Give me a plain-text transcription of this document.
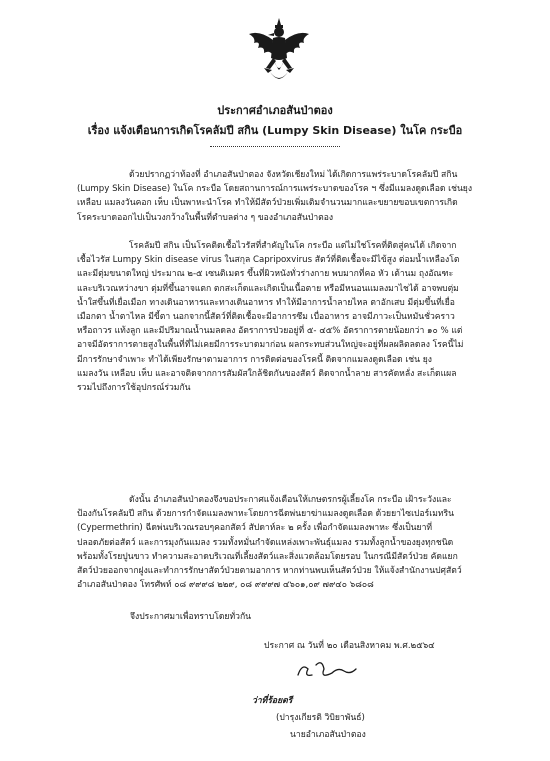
ประกาศอำเภอสันป่าตอง
เรื่อง แจ้งเตือนการเกิดโรคลัมปี สกิน (Lumpy Skin Disease) ในโค กระบือ

ด้วยปรากฏว่าท้องที่ อำเภอสันป่าตอง จังหวัดเชียงใหม่ ได้เกิดการแพร่ระบาดโรคลัมปี สกิน
(Lumpy Skin Disease) ในโค กระบือ โดยสถานการณ์การแพร่ระบาดของโรค ฯ ซึ่งมีแมลงดูดเลือด เช่นยุง
เหลือบ แมลงวันคอก เห็บ เป็นพาหะนำโรค ทำให้มีสัตว์ป่วยเพิ่มเติมจำนวนมากและขยายขอบเขตการเกิด
โรคระบาดออกไปเป็นวงกว้างในพื้นที่ตำบลต่าง ๆ ของอำเภอสันป่าตอง

โรคลัมปี สกิน เป็นโรคติดเชื้อไวรัสที่สำคัญในโค กระบือ แต่ไม่ใช่โรคที่ติดสู่คนได้ เกิดจาก
เชื้อไวรัส Lumpy Skin disease virus ในสกุล Capripoxvirus สัตว์ที่ติดเชื้อจะมีไข้สูง ต่อมน้ำเหลืองโต
และมีตุ่มขนาดใหญ่ ประมาณ ๒-๕ เซนติเมตร ขึ้นที่ผิวหนังทั่วร่างกาย พบมากที่คอ หัว เต้านม ถุงอัณฑะ
และบริเวณหว่างขา ตุ่มที่ขึ้นอาจแตก ตกสะเก็ดและเกิดเป็นเนื้อตาย หรือมีหนอนแมลงมาไชได้ อาจพบตุ่ม
น้ำใสขึ้นที่เยื่อเมือก ทางเดินอาหารและทางเดินอาหาร ทำให้มีอาการน้ำลายไหล ตาอักเสบ มีตุ่มขึ้นที่เยื่อ
เมือกตา น้ำตาไหล มีขี้ตา นอกจากนี้สัตว์ที่ติดเชื้อจะมีอาการซึม เบื่ออาหาร อาจมีภาวะเป็นหมันชั่วคราว
หรือถาวร แท้งลูก และมีปริมาณน้ำนมลดลง อัตราการป่วยอยู่ที่ ๕- ๔๕% อัตราการตายน้อยกว่า ๑๐ % แต่
อาจมีอัตราการตายสูงในพื้นที่ที่ไม่เคยมีการระบาดมาก่อน ผลกระทบส่วนใหญ่จะอยู่ที่ผลผลิตลดลง โรคนี้ไม่
มีการรักษาจำเพาะ ทำได้เพียงรักษาตามอาการ การติดต่อของโรคนี้ ติดจากแมลงดูดเลือด เช่น ยุง
แมลงวัน เหลือบ เห็บ และอาจติดจากการสัมผัสใกล้ชิดกันของสัตว์ ติดจากน้ำลาย สารคัดหลั่ง สะเก็ดแผล
รวมไปถึงการใช้อุปกรณ์ร่วมกัน

ดังนั้น อำเภอสันป่าตองจึงขอประกาศแจ้งเตือนให้เกษตรกรผู้เลี้ยงโค กระบือ เฝ้าระวังและ
ป้องกันโรคลัมปี สกิน ด้วยการกำจัดแมลงพาหะโดยการฉีดพ่นยาฆ่าแมลงดูดเลือด ด้วยยาไซเปอร์เมทริน
(Cypermethrin) ฉีดพ่นบริเวณรอบๆคอกสัตว์ สัปดาห์ละ ๒ ครั้ง เพื่อกำจัดแมลงพาหะ ซึ่งเป็นยาที่
ปลอดภัยต่อสัตว์ และการมุงกันแมลง รวมทั้งหมั่นกำจัดแหล่งเพาะพันธุ์แมลง รวมทั้งลูกน้ำของยุงทุกชนิด
พร้อมทั้งโรยปูนขาว ทำความสะอาดบริเวณที่เลี้ยงสัตว์และสิ่งแวดล้อมโดยรอบ ในกรณีมีสัตว์ป่วย คัดแยก
สัตว์ป่วยออกจากฝูงและทำการรักษาสัตว์ป่วยตามอาการ หากท่านพบเห็นสัตว์ป่วย ให้แจ้งสำนักงานปศุสัตว์
อำเภอสันป่าตอง โทรศัพท์ ๐๘ ๙๙๙๘ ๒๒๙, ๐๘ ๙๙๙๗ ๔๖๐๑,๐๙ ๗๙๔๐ ๖๘๐๘

จึงประกาศมาเพื่อทราบโดยทั่วกัน
ประกาศ ณ วันที่ ๒๐ เดือนสิงหาคม พ.ศ.๒๕๖๔
ว่าที่ร้อยตรี
(ปารุงเกียรติ วิบิยาพันธ์)
นายอำเภอสันป่าตอง
